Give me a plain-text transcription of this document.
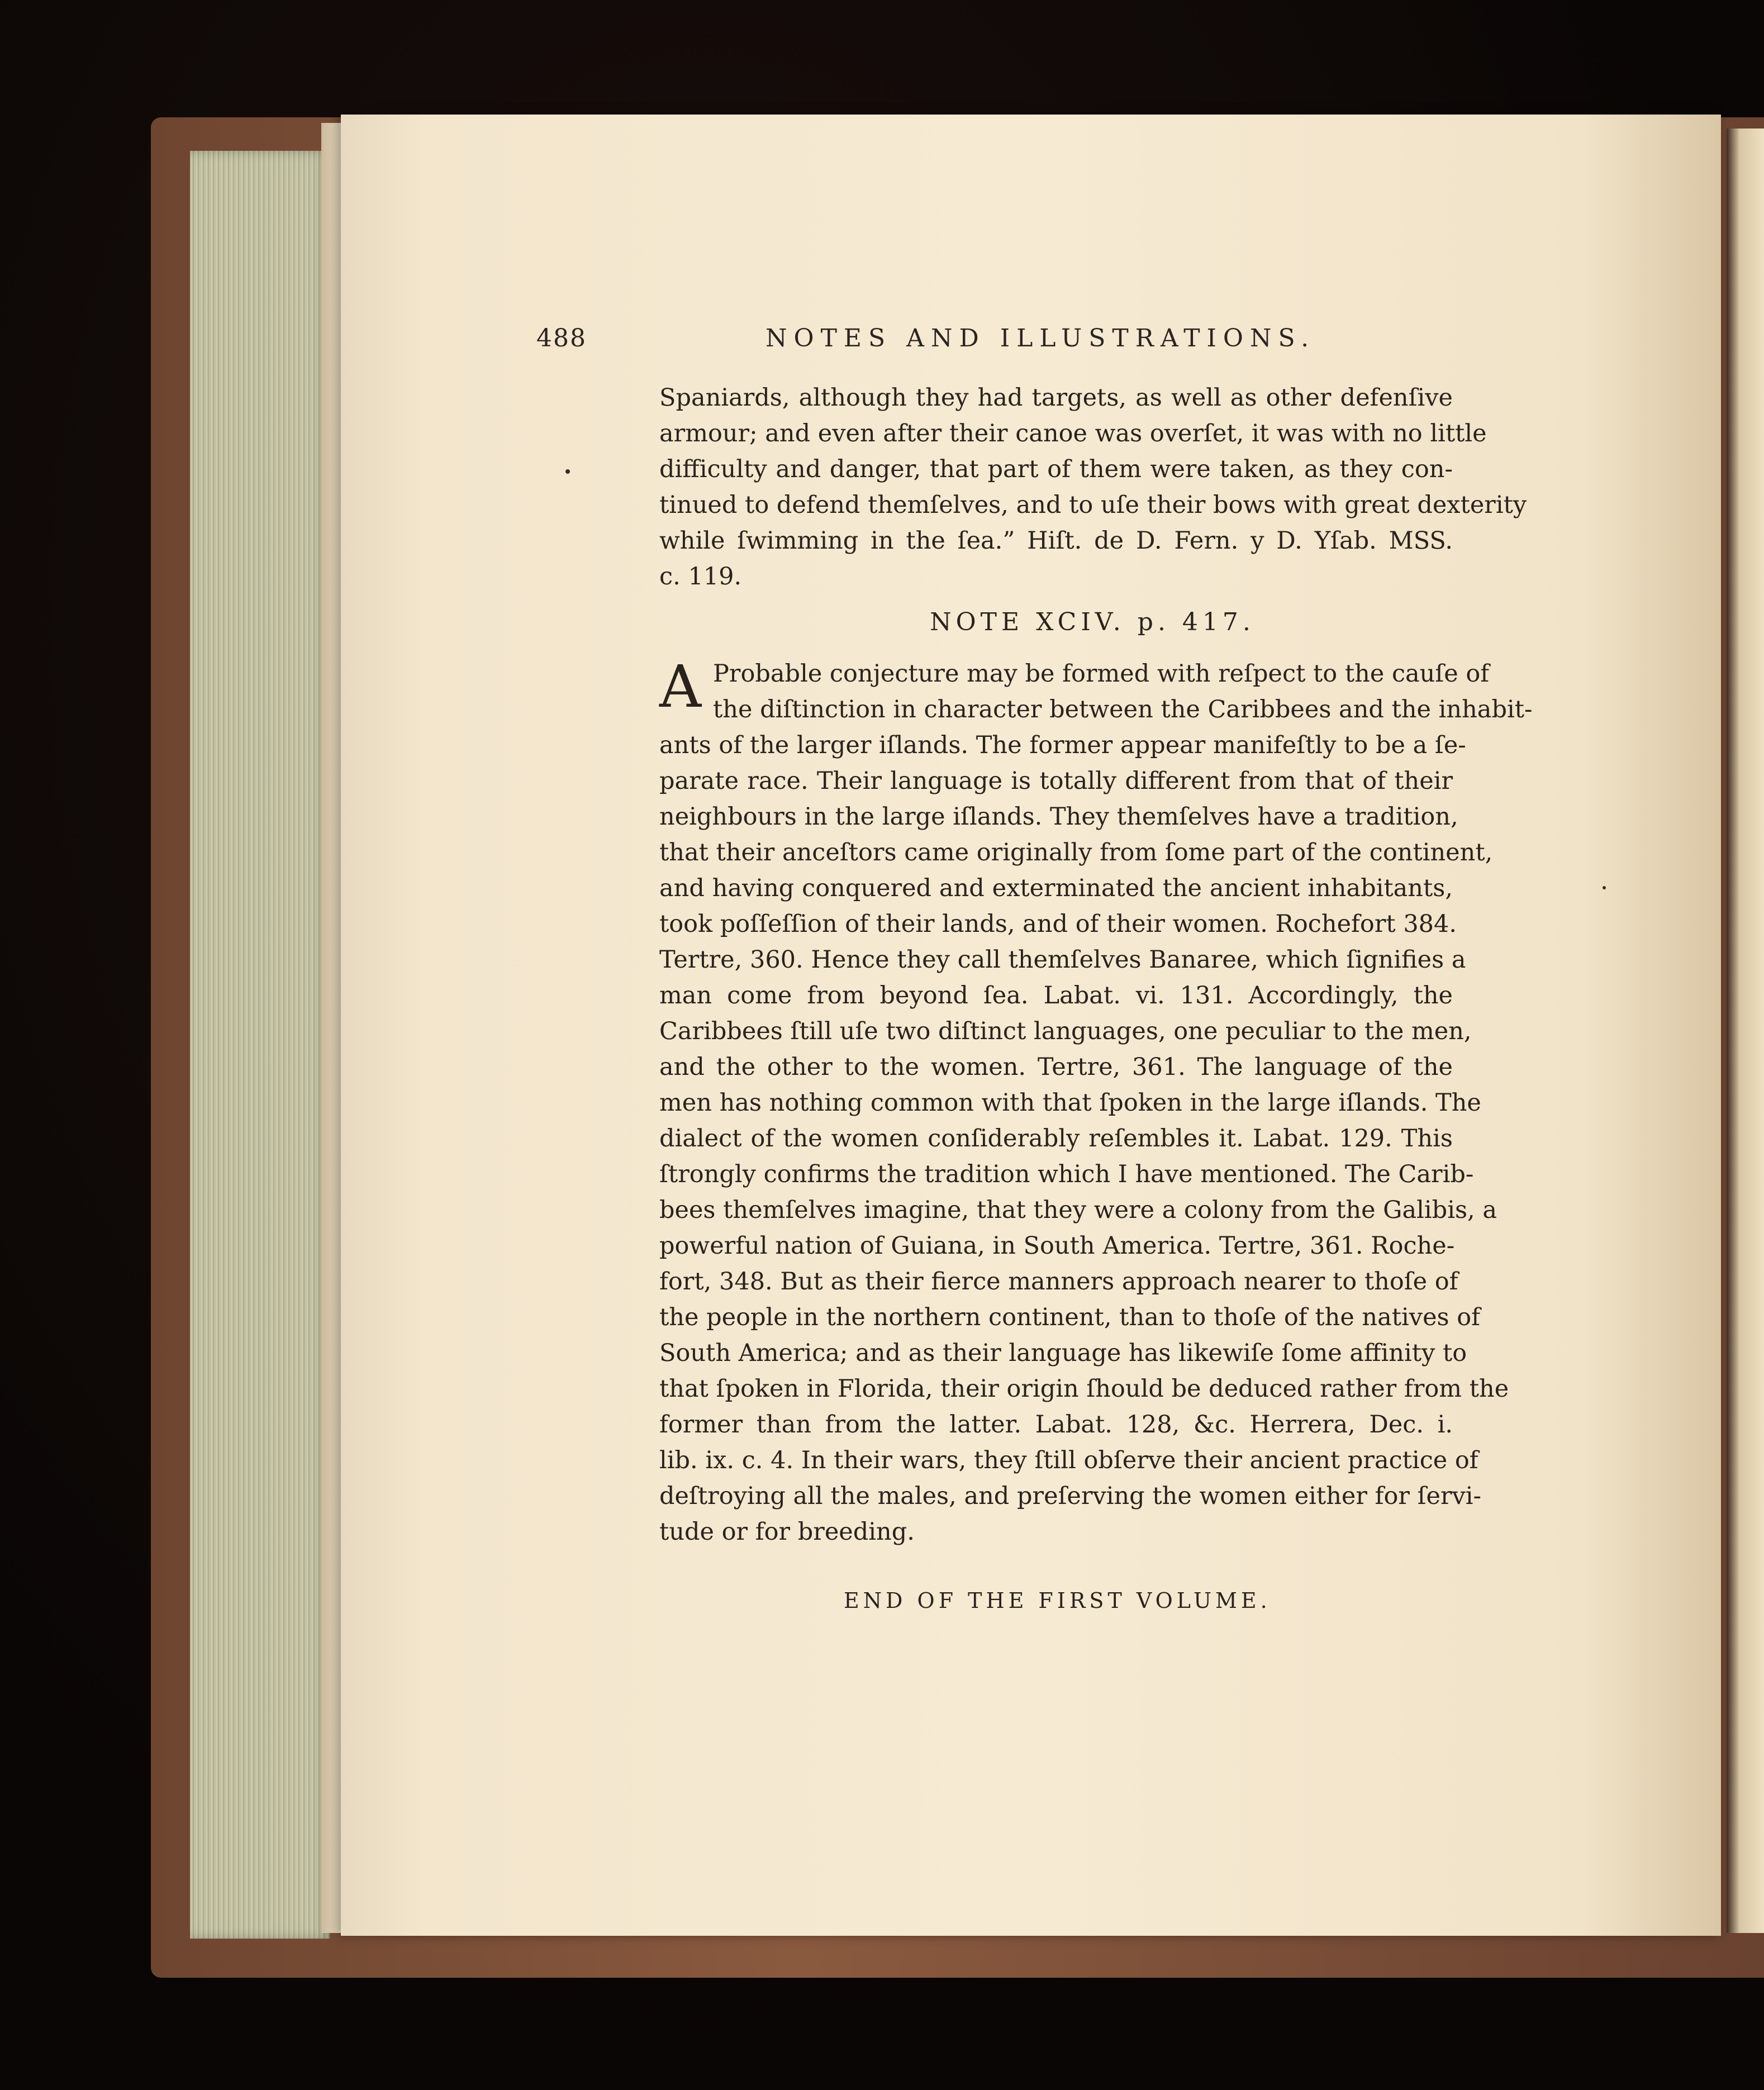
488	NOTES AND ILLUSTRATIONS.
Spaniards, although they had targets, as well as other defenſive
armour; and even after their canoe was overſet, it was with no little
difficulty and danger, that part of them were taken, as they con-
tinued to defend themſelves, and to uſe their bows with great dexterity
while ſwimming in the ſea.” Hiſt. de D. Fern. y D. Yſab. MSS.
c. 119.
NOTE XCIV. p. 417.
A Probable conjecture may be formed with reſpect to the cauſe of
the diſtinction in character between the Caribbees and the inhabit-
ants of the larger iſlands. The former appear manifeſtly to be a ſe-
parate race. Their language is totally different from that of their
neighbours in the large iſlands. They themſelves have a tradition,
that their anceſtors came originally from ſome part of the continent,
and having conquered and exterminated the ancient inhabitants,
took poſſeſſion of their lands, and of their women. Rochefort 384.
Tertre, 360. Hence they call themſelves Banaree, which ſignifies a
man come from beyond ſea. Labat. vi. 131. Accordingly, the
Caribbees ſtill uſe two diſtinct languages, one peculiar to the men,
and the other to the women. Tertre, 361. The language of the
men has nothing common with that ſpoken in the large iſlands. The
dialect of the women conſiderably reſembles it. Labat. 129. This
ſtrongly confirms the tradition which I have mentioned. The Carib-
bees themſelves imagine, that they were a colony from the Galibis, a
powerful nation of Guiana, in South America. Tertre, 361. Roche-
fort, 348. But as their fierce manners approach nearer to thoſe of
the people in the northern continent, than to thoſe of the natives of
South America; and as their language has likewiſe ſome affinity to
that ſpoken in Florida, their origin ſhould be deduced rather from the
former than from the latter. Labat. 128, &c. Herrera, Dec. i.
lib. ix. c. 4. In their wars, they ſtill obſerve their ancient practice of
deſtroying all the males, and preſerving the women either for ſervi-
tude or for breeding.
END OF THE FIRST VOLUME.
